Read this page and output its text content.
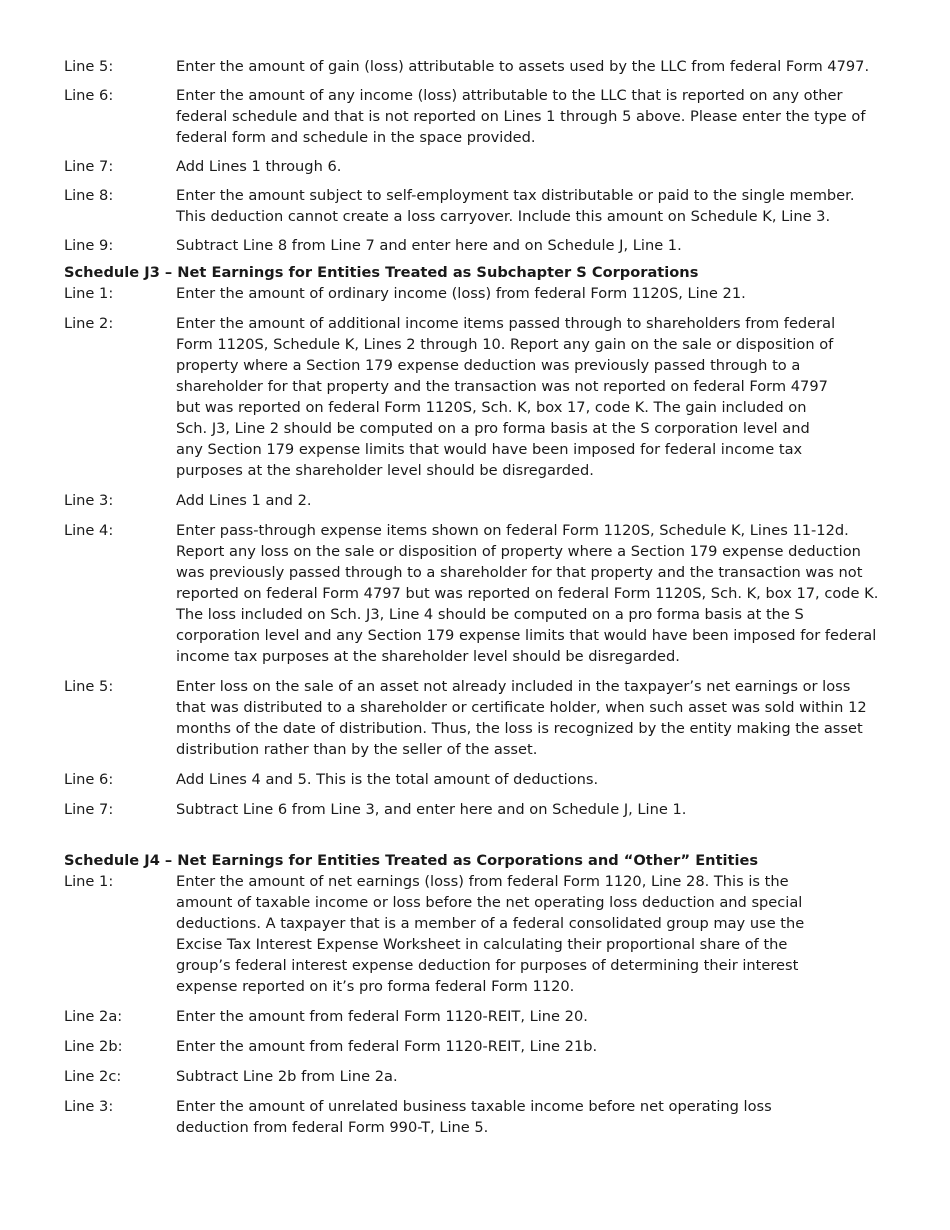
Line 5:	Enter the amount of gain (loss) attributable to assets used by the LLC from federal Form 4797.
Line 6:	Enter the amount of any income (loss) attributable to the LLC that is reported on any other federal schedule and that is not reported on Lines 1 through 5 above. Please enter the type of federal form and schedule in the space provided.
Line 7:	Add Lines 1 through 6.
Line 8:	Enter the amount subject to self-employment tax distributable or paid to the single member. This deduction cannot create a loss carryover. Include this amount on Schedule K, Line 3.
Line 9:	Subtract Line 8 from Line 7 and enter here and on Schedule J, Line 1.
Schedule J3 – Net Earnings for Entities Treated as Subchapter S Corporations
Line 1:	Enter the amount of ordinary income (loss) from federal Form 1120S, Line 21.
Line 2:	Enter the amount of additional income items passed through to shareholders from federal Form 1120S, Schedule K, Lines 2 through 10. Report any gain on the sale or disposition of property where a Section 179 expense deduction was previously passed through to a shareholder for that property and the transaction was not reported on federal Form 4797 but was reported on federal Form 1120S, Sch. K, box 17, code K. The gain included on Sch. J3, Line 2 should be computed on a pro forma basis at the S corporation level and any Section 179 expense limits that would have been imposed for federal income tax purposes at the shareholder level should be disregarded.
Line 3:	Add Lines 1 and 2.
Line 4:	Enter pass-through expense items shown on federal Form 1120S, Schedule K, Lines 11-12d. Report any loss on the sale or disposition of property where a Section 179 expense deduction was previously passed through to a shareholder for that property and the transaction was not reported on federal Form 4797 but was reported on federal Form 1120S, Sch. K, box 17, code K. The loss included on Sch. J3, Line 4 should be computed on a pro forma basis at the S corporation level and any Section 179 expense limits that would have been imposed for federal income tax purposes at the shareholder level should be disregarded.
Line 5:	Enter loss on the sale of an asset not already included in the taxpayer’s net earnings or loss that was distributed to a shareholder or certificate holder, when such asset was sold within 12 months of the date of distribution. Thus, the loss is recognized by the entity making the asset distribution rather than by the seller of the asset.
Line 6:	Add Lines 4 and 5. This is the total amount of deductions.
Line 7:	Subtract Line 6 from Line 3, and enter here and on Schedule J, Line 1.
Schedule J4 – Net Earnings for Entities Treated as Corporations and “Other” Entities
Line 1:	Enter the amount of net earnings (loss) from federal Form 1120, Line 28. This is the amount of taxable income or loss before the net operating loss deduction and special deductions. A taxpayer that is a member of a federal consolidated group may use the Excise Tax Interest Expense Worksheet in calculating their proportional share of the group’s federal interest expense deduction for purposes of determining their interest expense reported on it’s pro forma federal Form 1120.
Line 2a:	Enter the amount from federal Form 1120-REIT, Line 20.
Line 2b:	Enter the amount from federal Form 1120-REIT, Line 21b.
Line 2c:	Subtract Line 2b from Line 2a.
Line 3:	Enter the amount of unrelated business taxable income before net operating loss deduction from federal Form 990-T, Line 5.
